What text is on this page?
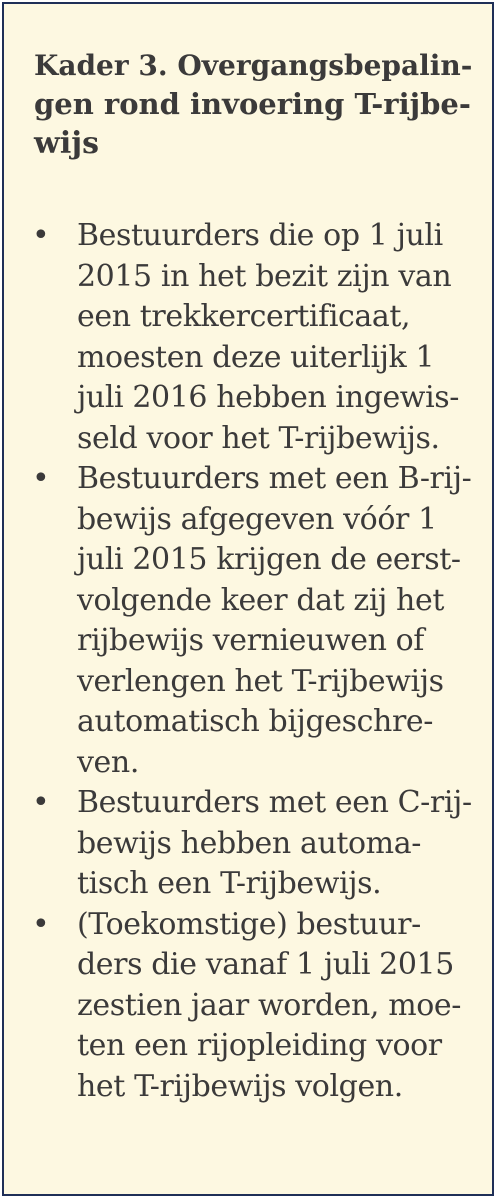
Kader 3. Overgangsbepalin-
gen rond invoering T-rijbe-
wijs
• Bestuurders die op 1 juli
2015 in het bezit zijn van
een trekkercertificaat,
moesten deze uiterlijk 1
juli 2016 hebben ingewis-
seld voor het T-rijbewijs.
• Bestuurders met een B-rij-
bewijs afgegeven vóór 1
juli 2015 krijgen de eerst-
volgende keer dat zij het
rijbewijs vernieuwen of
verlengen het T-rijbewijs
automatisch bijgeschre-
ven.
• Bestuurders met een C-rij-
bewijs hebben automa-
tisch een T-rijbewijs.
• (Toekomstige) bestuur-
ders die vanaf 1 juli 2015
zestien jaar worden, moe-
ten een rijopleiding voor
het T-rijbewijs volgen.
